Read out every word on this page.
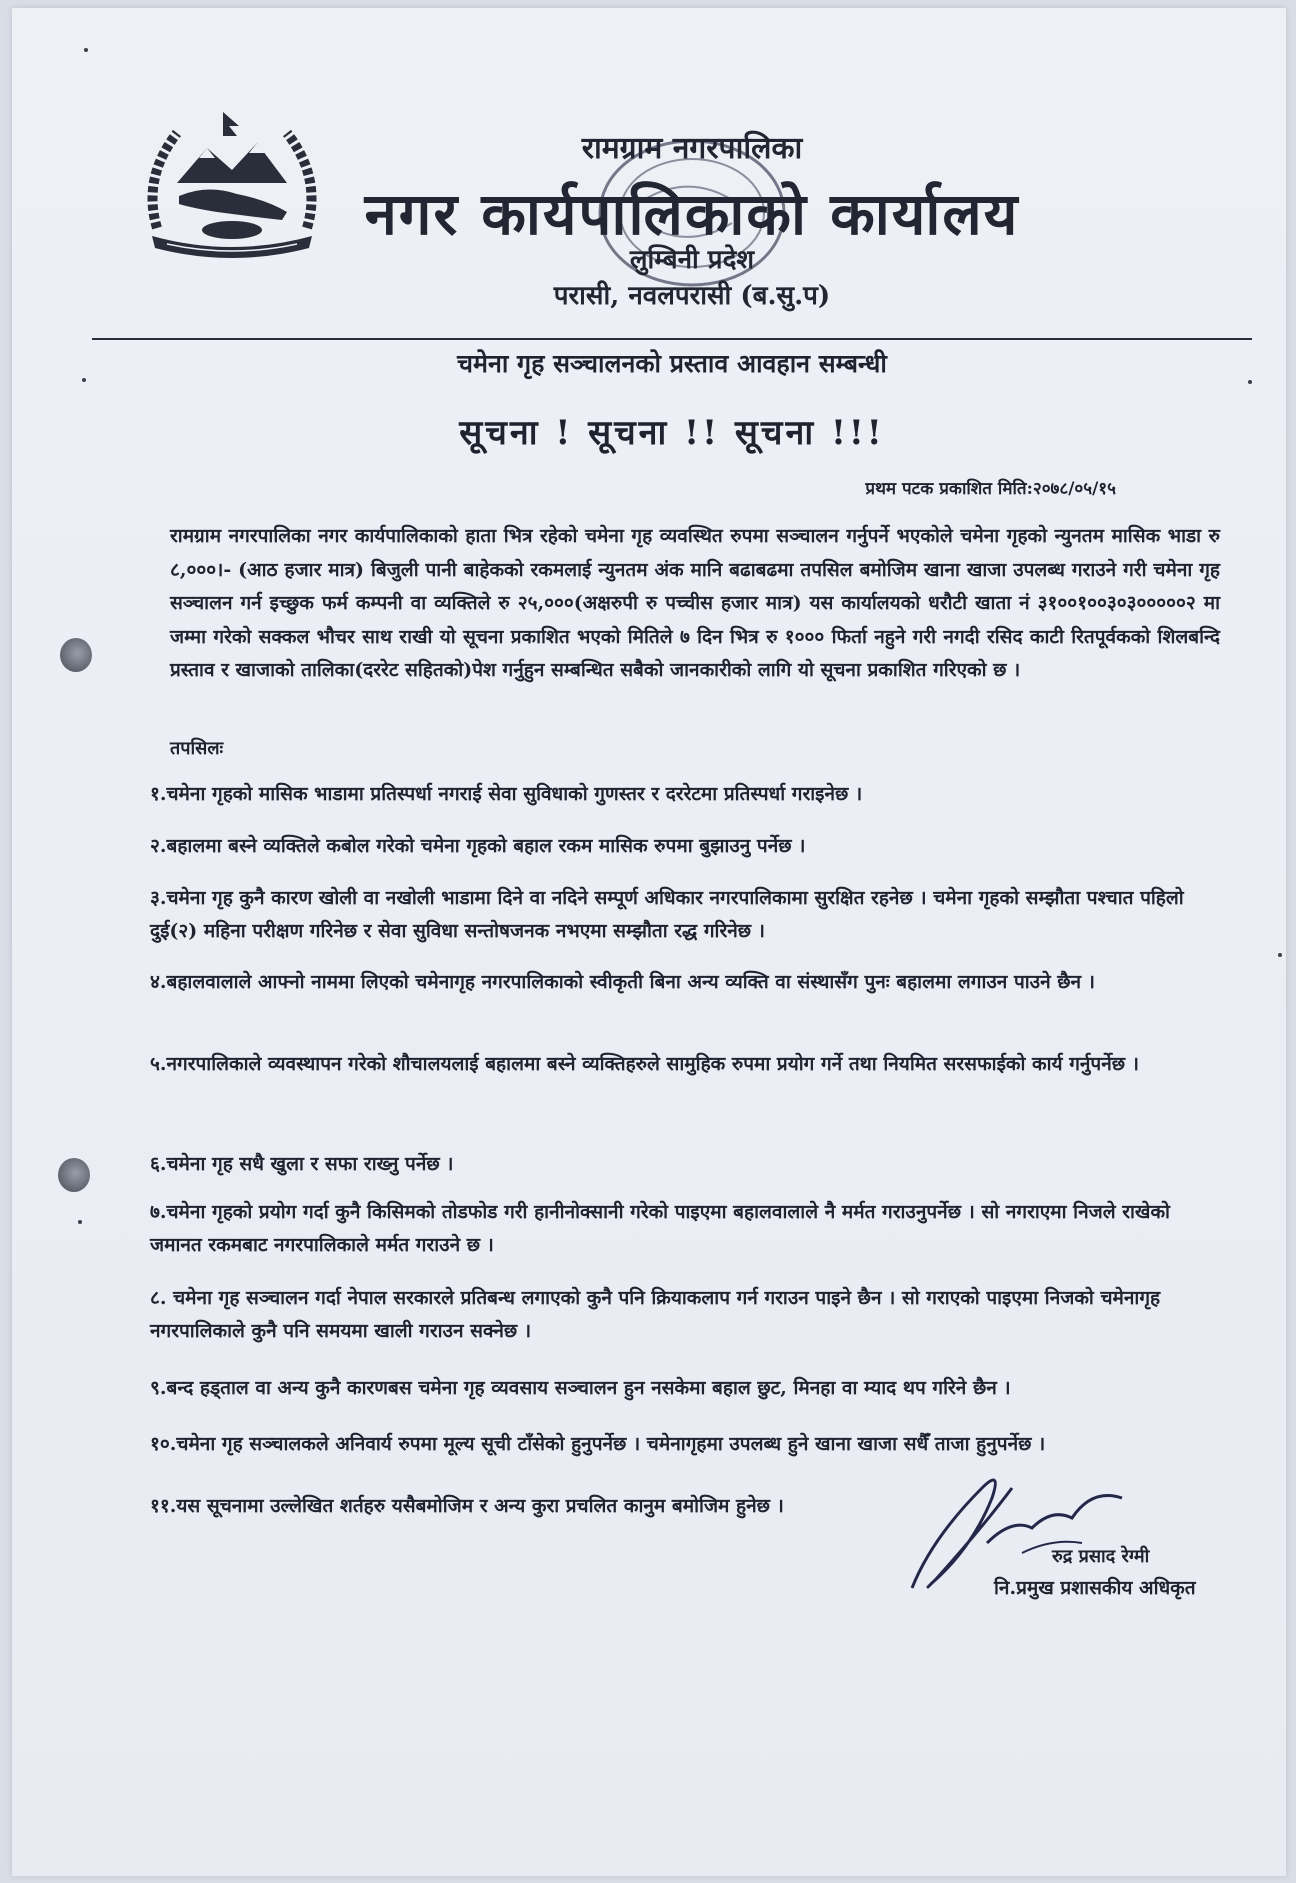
रामग्राम नगरपालिका
नगर कार्यपालिकाको कार्यालय
लुम्बिनी प्रदेश
परासी, नवलपरासी (ब.सु.प)
चमेना गृह सञ्चालनको प्रस्ताव आवहान सम्बन्धी
सूचना ! सूचना !! सूचना !!!
प्रथम पटक प्रकाशित मिति:२०७८/०५/१५

रामग्राम नगरपालिका नगर कार्यपालिकाको हाता भित्र रहेको चमेना गृह व्यवस्थित रुपमा सञ्चालन गर्नुपर्ने भएकोले चमेना गृहको न्युनतम मासिक भाडा रु ८,०००।- (आठ हजार मात्र) बिजुली पानी बाहेकको रकमलाई न्युनतम अंक मानि बढाबढमा तपसिल बमोजिम खाना खाजा उपलब्ध गराउने गरी चमेना गृह सञ्चालन गर्न इच्छुक फर्म कम्पनी वा व्यक्तिले रु २५,०००(अक्षरुपी रु पच्चीस हजार मात्र) यस कार्यालयको धरौटी खाता नं ३१००१००३०३०००००२ मा जम्मा गरेको सक्कल भौचर साथ राखी यो सूचना प्रकाशित भएको मितिले ७ दिन भित्र रु १००० फिर्ता नहुने गरी नगदी रसिद काटी रितपूर्वकको शिलबन्दि प्रस्ताव र खाजाको तालिका(दररेट सहितको)पेश गर्नुहुन सम्बन्धित सबैको जानकारीको लागि यो सूचना प्रकाशित गरिएको छ ।

तपसिलः

१.चमेना गृहको मासिक भाडामा प्रतिस्पर्धा नगराई सेवा सुविधाको गुणस्तर र दररेटमा प्रतिस्पर्धा गराइनेछ ।

२.बहालमा बस्ने व्यक्तिले कबोल गरेको चमेना गृहको बहाल रकम मासिक रुपमा बुझाउनु पर्नेछ ।

३.चमेना गृह कुनै कारण खोली वा नखोली भाडामा दिने वा नदिने सम्पूर्ण अधिकार नगरपालिकामा सुरक्षित रहनेछ । चमेना गृहको सम्झौता पश्चात पहिलो दुई(२) महिना परीक्षण गरिनेछ र सेवा सुविधा सन्तोषजनक नभएमा सम्झौता रद्ध गरिनेछ ।

४.बहालवालाले आफ्नो नाममा लिएको चमेनागृह नगरपालिकाको स्वीकृती बिना अन्य व्यक्ति वा संस्थासँग पुनः बहालमा लगाउन पाउने छैन ।

५.नगरपालिकाले व्यवस्थापन गरेको शौचालयलाई बहालमा बस्ने व्यक्तिहरुले सामुहिक रुपमा प्रयोग गर्ने तथा नियमित सरसफाईको कार्य गर्नुपर्नेछ ।

६.चमेना गृह सधै खुला र सफा राख्नु पर्नेछ ।

७.चमेना गृहको प्रयोग गर्दा कुनै किसिमको तोडफोड गरी हानीनोक्सानी गरेको पाइएमा बहालवालाले नै मर्मत गराउनुपर्नेछ । सो नगराएमा निजले राखेको जमानत रकमबाट नगरपालिकाले मर्मत गराउने छ ।

८. चमेना गृह सञ्चालन गर्दा नेपाल सरकारले प्रतिबन्ध लगाएको कुनै पनि क्रियाकलाप गर्न गराउन पाइने छैन । सो गराएको पाइएमा निजको चमेनागृह नगरपालिकाले कुनै पनि समयमा खाली गराउन सक्नेछ ।

९.बन्द हड्ताल वा अन्य कुनै कारणबस चमेना गृह व्यवसाय सञ्चालन हुन नसकेमा बहाल छुट, मिनहा वा म्याद थप गरिने छैन ।

१०.चमेना गृह सञ्चालकले अनिवार्य रुपमा मूल्य सूची टाँसेको हुनुपर्नेछ । चमेनागृहमा उपलब्ध हुने खाना खाजा सधैँ ताजा हुनुपर्नेछ ।

११.यस सूचनामा उल्लेखित शर्तहरु यसैबमोजिम र अन्य कुरा प्रचलित कानुम बमोजिम हुनेछ ।

रुद्र प्रसाद रेग्मी
नि.प्रमुख प्रशासकीय अधिकृत
